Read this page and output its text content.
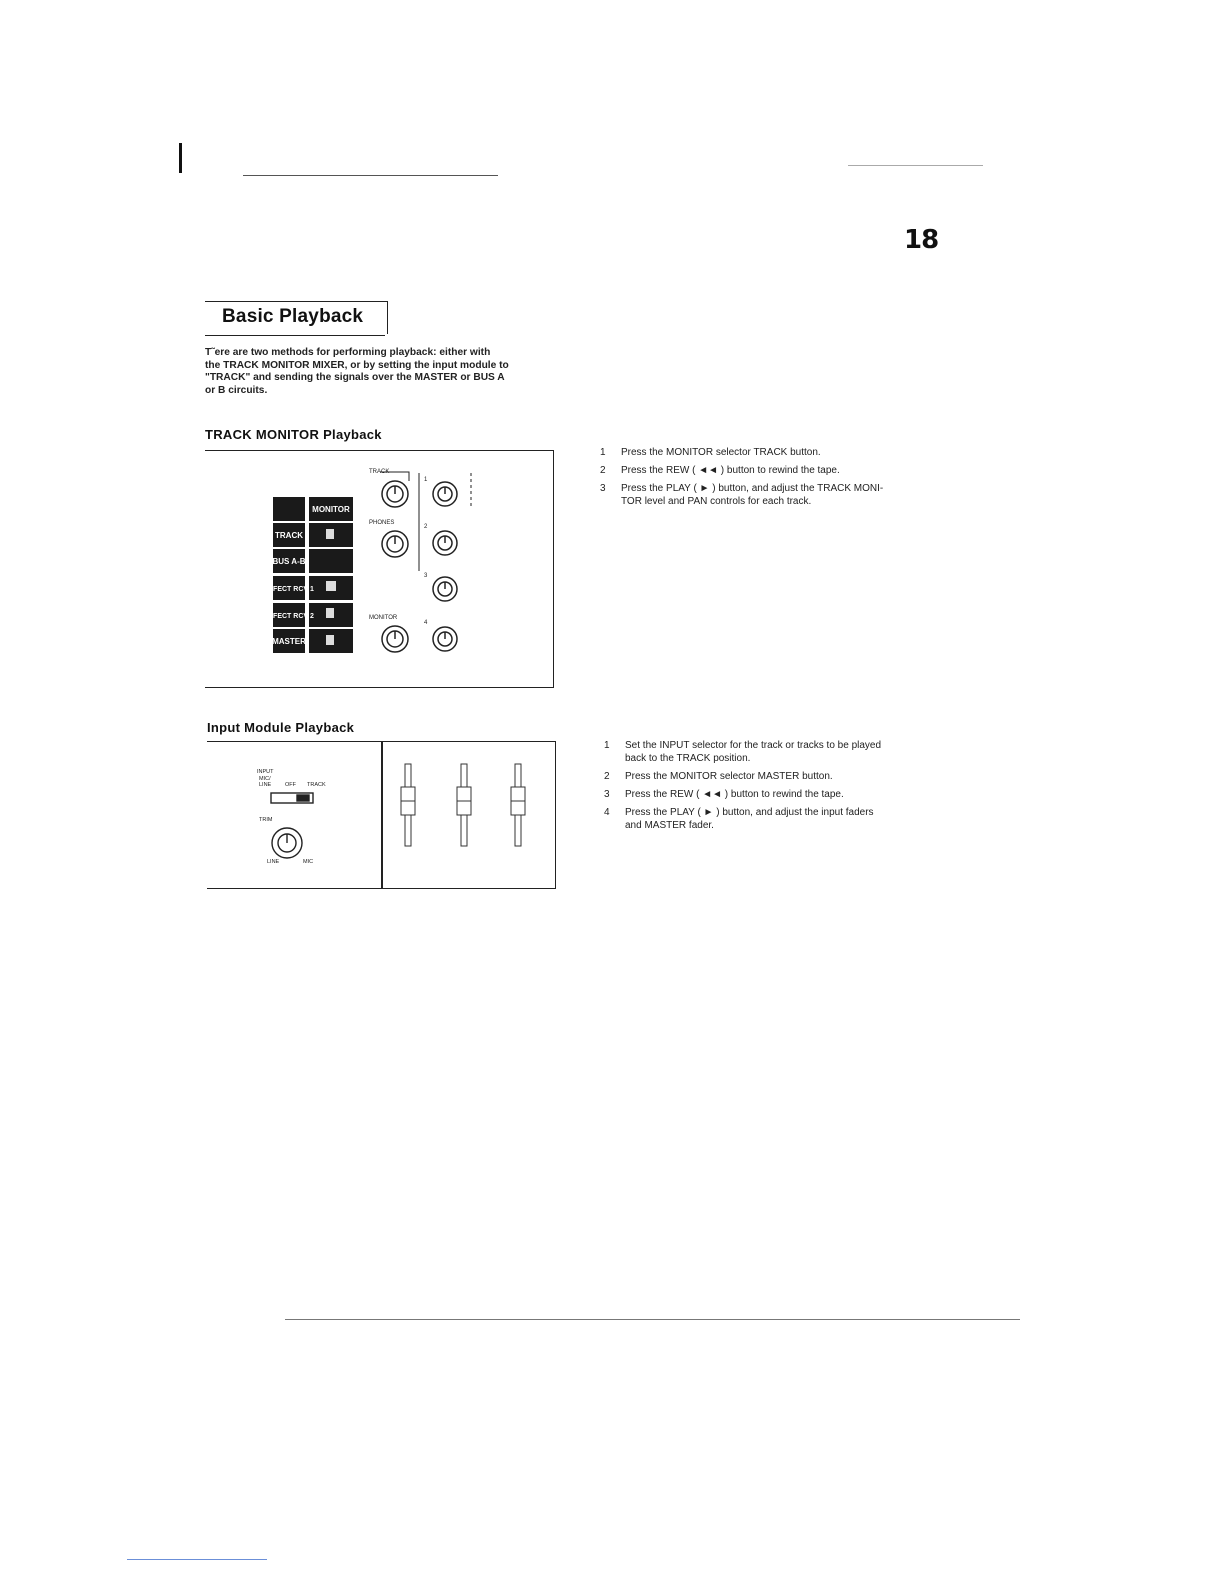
18
Basic Playback
T˜ere are two methods for performing playback: either with
the TRACK MONITOR MIXER, or by setting the input module to
"TRACK" and sending the signals over the MASTER or BUS A
or B circuits.
TRACK MONITOR Playback
MONITOR
TRACK
BUS A-B
EFFECT RCV 1
EFFECT RCV 2
MASTER
TRACK
PHONES
MONITOR
1
2
3
4
1 Press the MONITOR selector TRACK button.
2 Press the REW ( ◄◄ ) button to rewind the tape.
3 Press the PLAY ( ► ) button, and adjust the TRACK MONI-
TOR level and PAN controls for each track.
Input Module Playback
INPUT
MIC/
LINE	OFF TRACK
TRIM
LINE	MIC
1 Set the INPUT selector for the track or tracks to be played
back to the TRACK position.
2 Press the MONITOR selector MASTER button.
3 Press the REW ( ◄◄ ) button to rewind the tape.
4 Press the PLAY ( ► ) button, and adjust the input faders
and MASTER fader.
